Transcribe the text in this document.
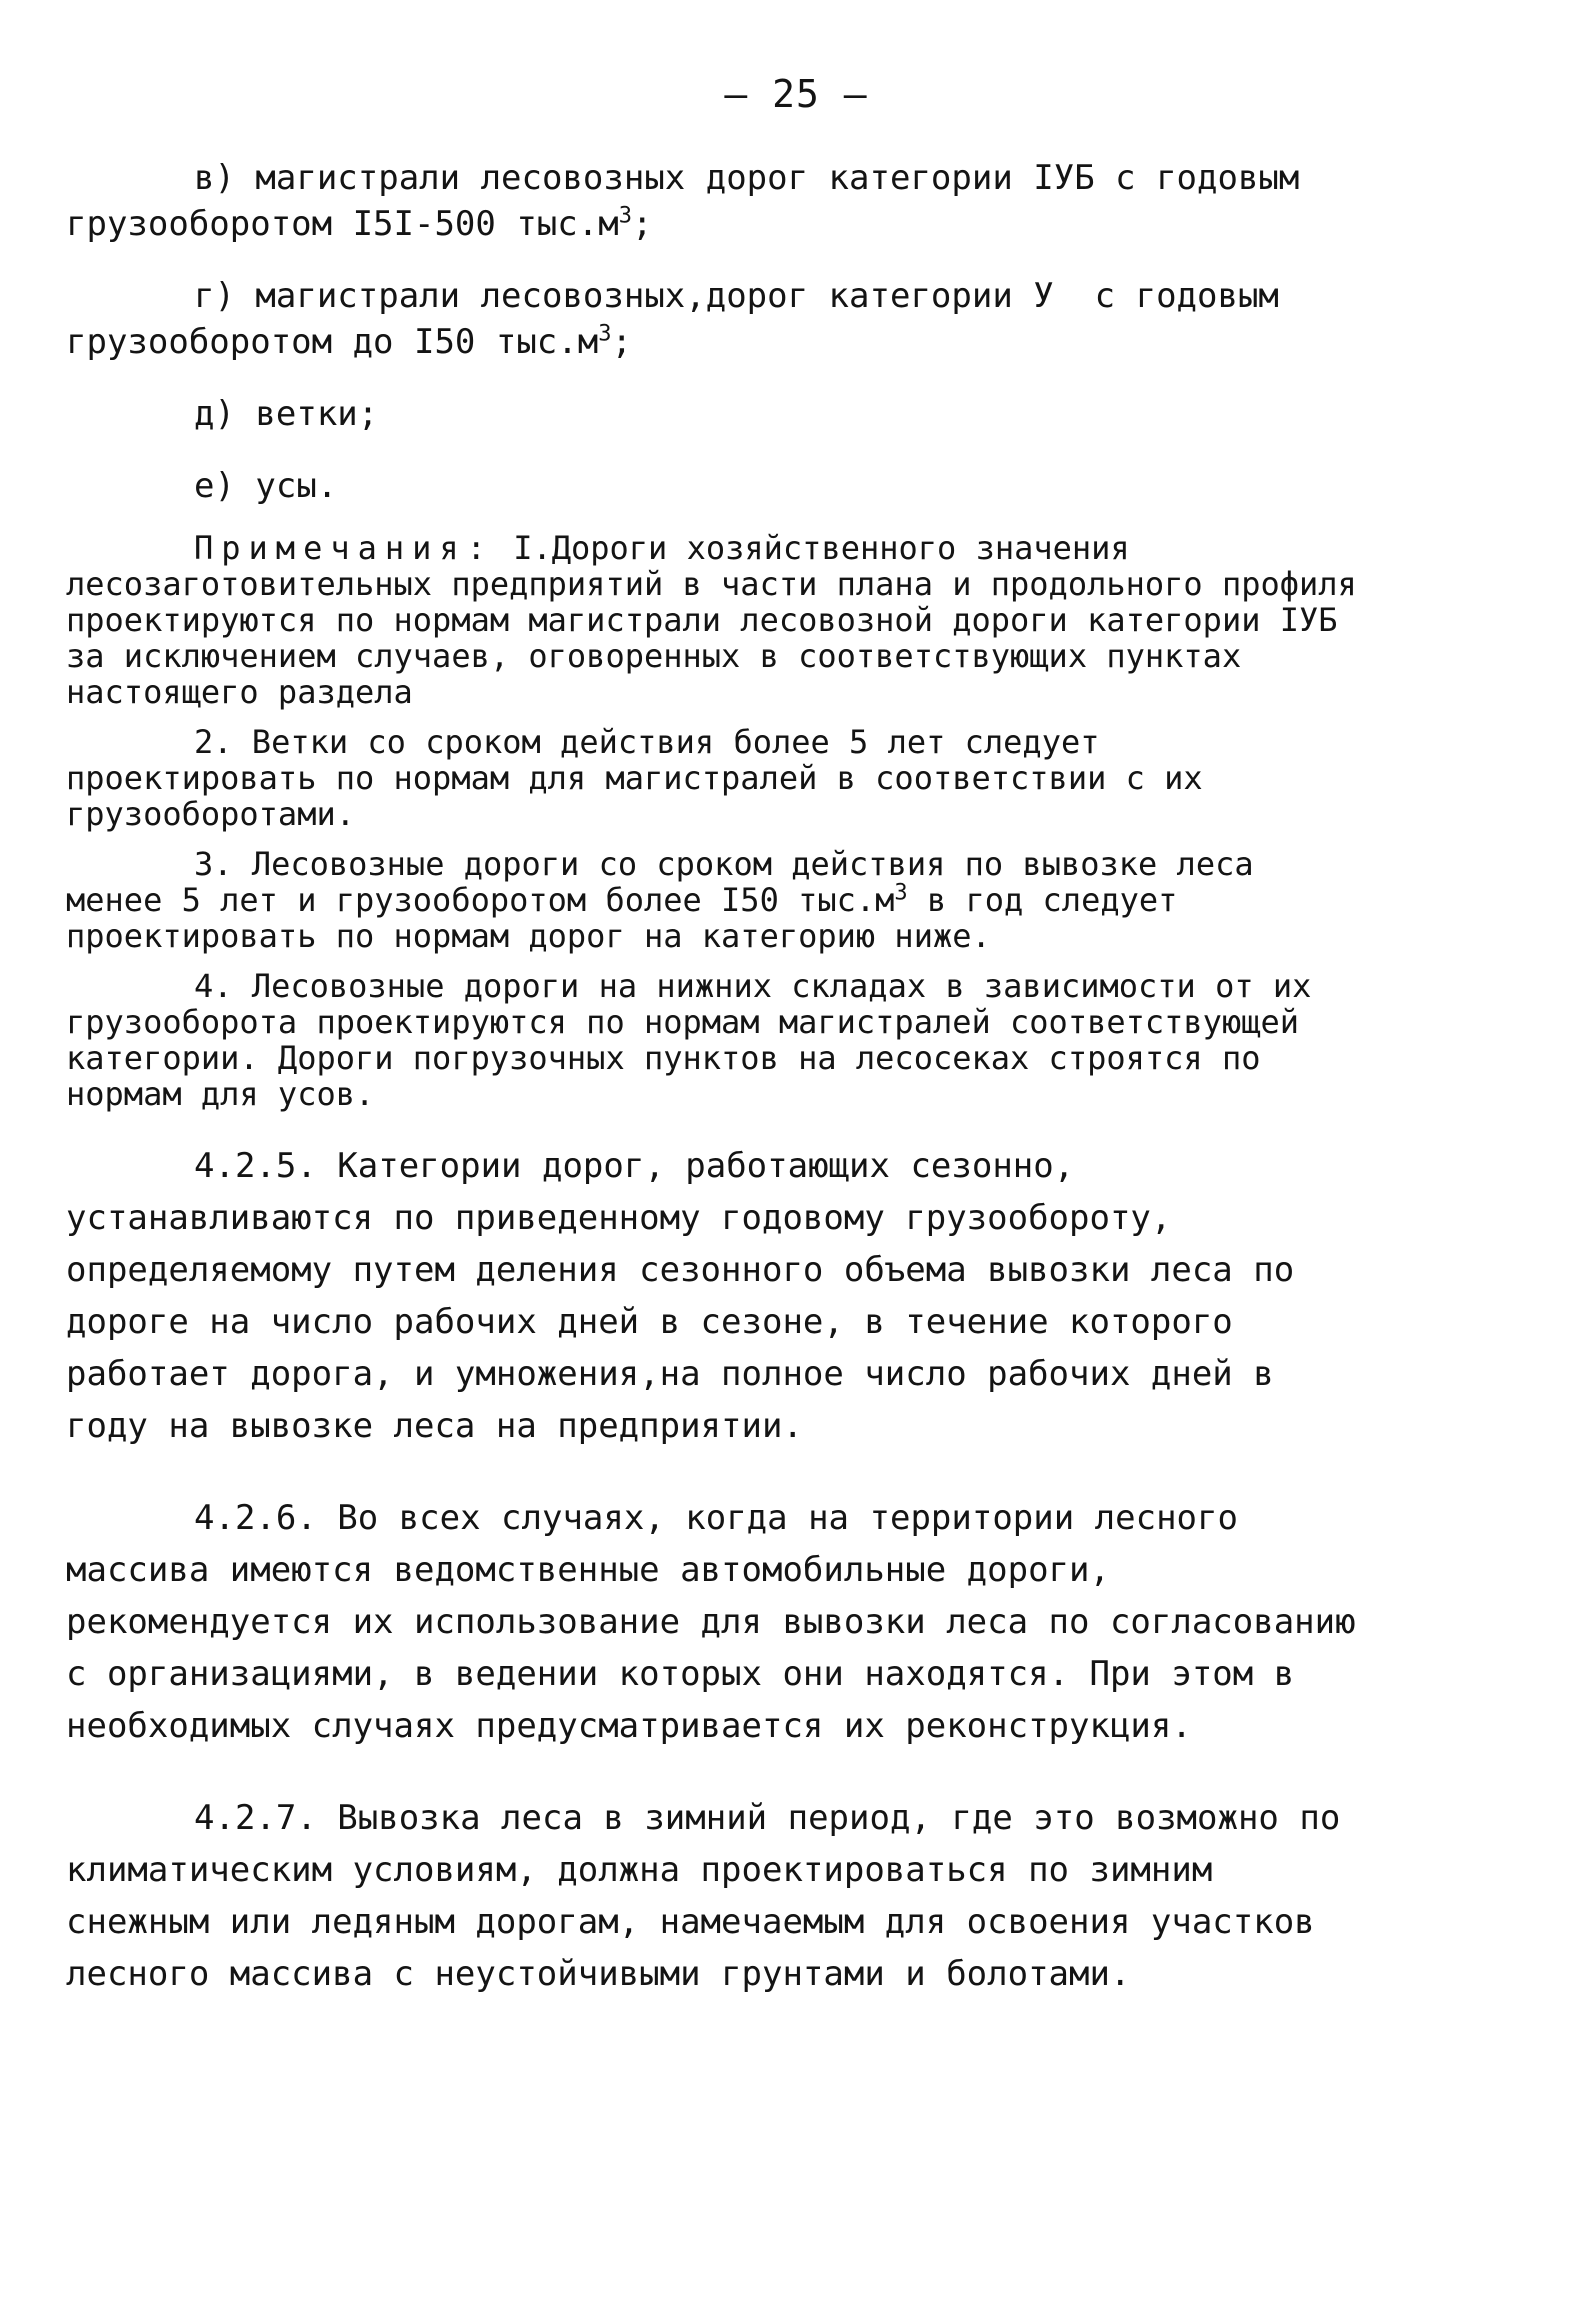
— 25 —

в) магистрали лесовозных дорог категории IУБ с годовым грузооборотом I5I-500 $тыс.м^3$;

г) магистрали лесовозных,дорог категории У  с годовым грузооборотом до I50 $тыс.м^3$;

д) ветки;

е) усы.

Примечания: I.Дороги хозяйственного значения лесозаготовительных предприятий в части плана и продольного профиля проектируются по нормам магистрали лесовозной дороги категории IУБ за исключением случаев, оговоренных в соответствующих пунктах настоящего раздела

2. Ветки со сроком действия более 5 лет следует проектировать по нормам для магистралей в соответствии с их грузооборотами.

3. Лесовозные дороги со сроком действия по вывозке леса менее 5 лет и грузооборотом более I50 $тыс.м^3$ в год следует проектировать по нормам дорог на категорию ниже.

4. Лесовозные дороги на нижних складах в зависимости от их грузооборота проектируются по нормам магистралей соответствующей категории. Дороги погрузочных пунктов на лесосеках строятся по нормам для усов.

4.2.5. Категории дорог, работающих сезонно, устанавливаются по приведенному годовому грузообороту, определяемому путем деления сезонного объема вывозки леса по дороге на число рабочих дней в сезоне, в течение которого работает дорога, и умножения,на полное число рабочих дней в году на вывозке леса на предприятии.

4.2.6. Во всех случаях, когда на территории лесного массива имеются ведомственные автомобильные дороги, рекомендуется их использование для вывозки леса по согласованию с организациями, в ведении которых они находятся. При этом в необходимых случаях предусматривается их реконструкция.

4.2.7. Вывозка леса в зимний период, где это возможно по климатическим условиям, должна проектироваться по зимним снежным или ледяным дорогам, намечаемым для освоения участков лесного массива с неустойчивыми грунтами и болотами.
